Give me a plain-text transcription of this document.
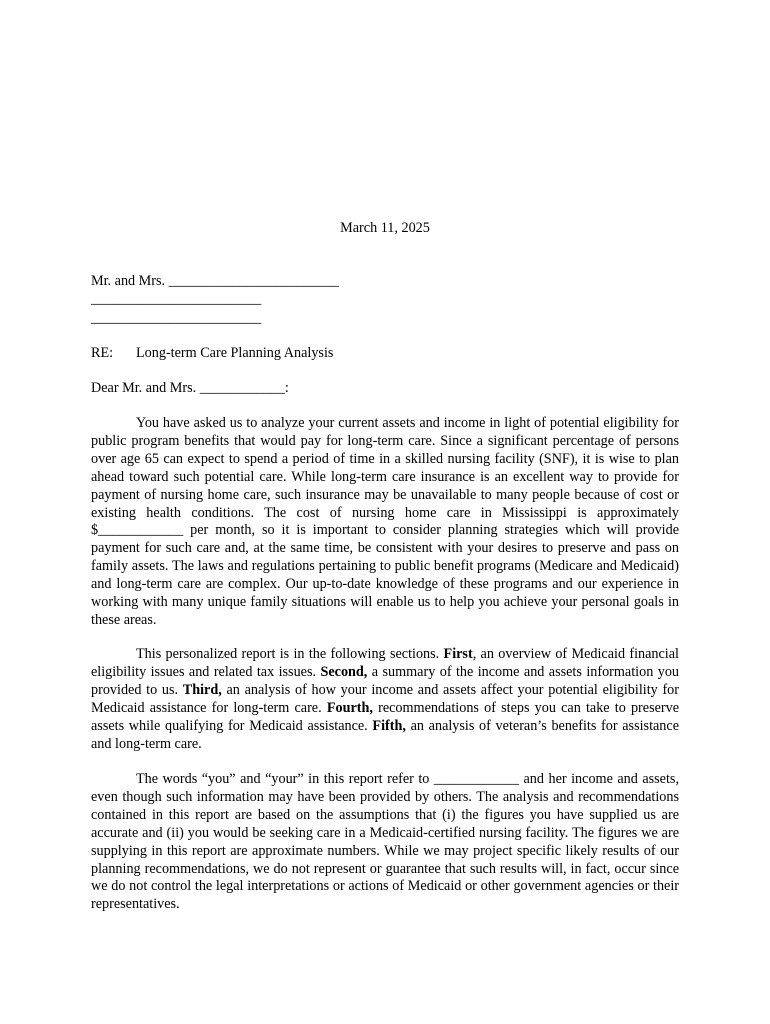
March 11, 2025
Mr. and Mrs. ________________________
________________________
________________________
RE: Long-term Care Planning Analysis
Dear Mr. and Mrs. ____________:

You have asked us to analyze your current assets and income in light of potential eligibility for public program benefits that would pay for long-term care. Since a significant percentage of persons over age 65 can expect to spend a period of time in a skilled nursing facility (SNF), it is wise to plan ahead toward such potential care. While long-term care insurance is an excellent way to provide for payment of nursing home care, such insurance may be unavailable to many people because of cost or existing health conditions. The cost of nursing home care in Mississippi is approximately $____________ per month, so it is important to consider planning strategies which will provide payment for such care and, at the same time, be consistent with your desires to preserve and pass on family assets. The laws and regulations pertaining to public benefit programs (Medicare and Medicaid) and long-term care are complex. Our up-to-date knowledge of these programs and our experience in working with many unique family situations will enable us to help you achieve your personal goals in these areas.

This personalized report is in the following sections. First, an overview of Medicaid financial eligibility issues and related tax issues. Second, a summary of the income and assets information you provided to us. Third, an analysis of how your income and assets affect your potential eligibility for Medicaid assistance for long-term care. Fourth, recommendations of steps you can take to preserve assets while qualifying for Medicaid assistance. Fifth, an analysis of veteran’s benefits for assistance and long-term care.

The words “you” and “your” in this report refer to ____________ and her income and assets, even though such information may have been provided by others. The analysis and recommendations contained in this report are based on the assumptions that (i) the figures you have supplied us are accurate and (ii) you would be seeking care in a Medicaid-certified nursing facility. The figures we are supplying in this report are approximate numbers. While we may project specific likely results of our planning recommendations, we do not represent or guarantee that such results will, in fact, occur since we do not control the legal interpretations or actions of Medicaid or other government agencies or their representatives.
